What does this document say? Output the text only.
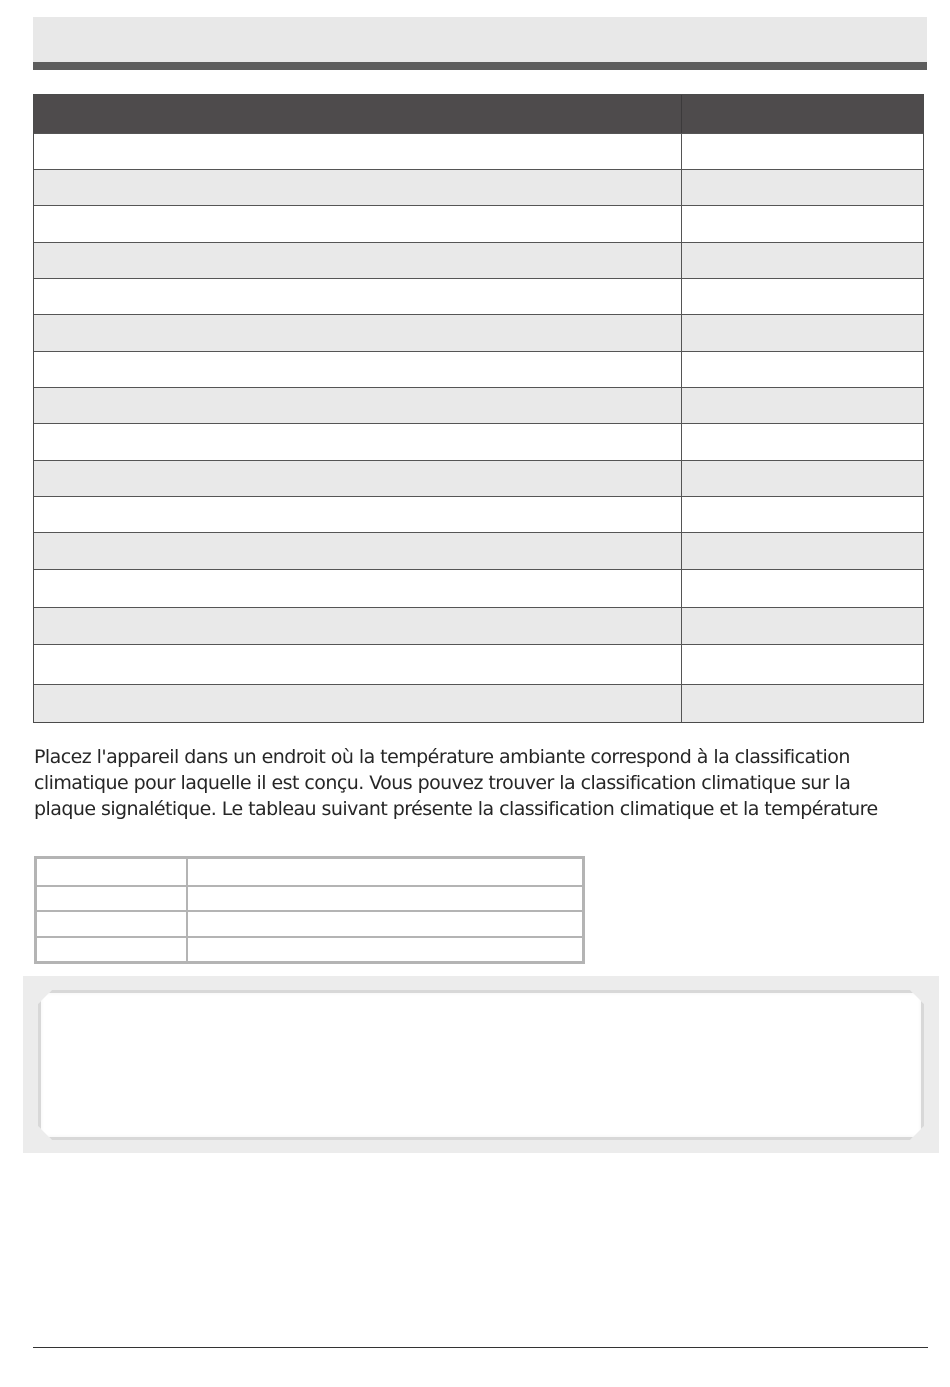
Placez l'appareil dans un endroit où la température ambiante correspond à la classification
climatique pour laquelle il est conçu. Vous pouvez trouver la classification climatique sur la
plaque signalétique. Le tableau suivant présente la classification climatique et la température
